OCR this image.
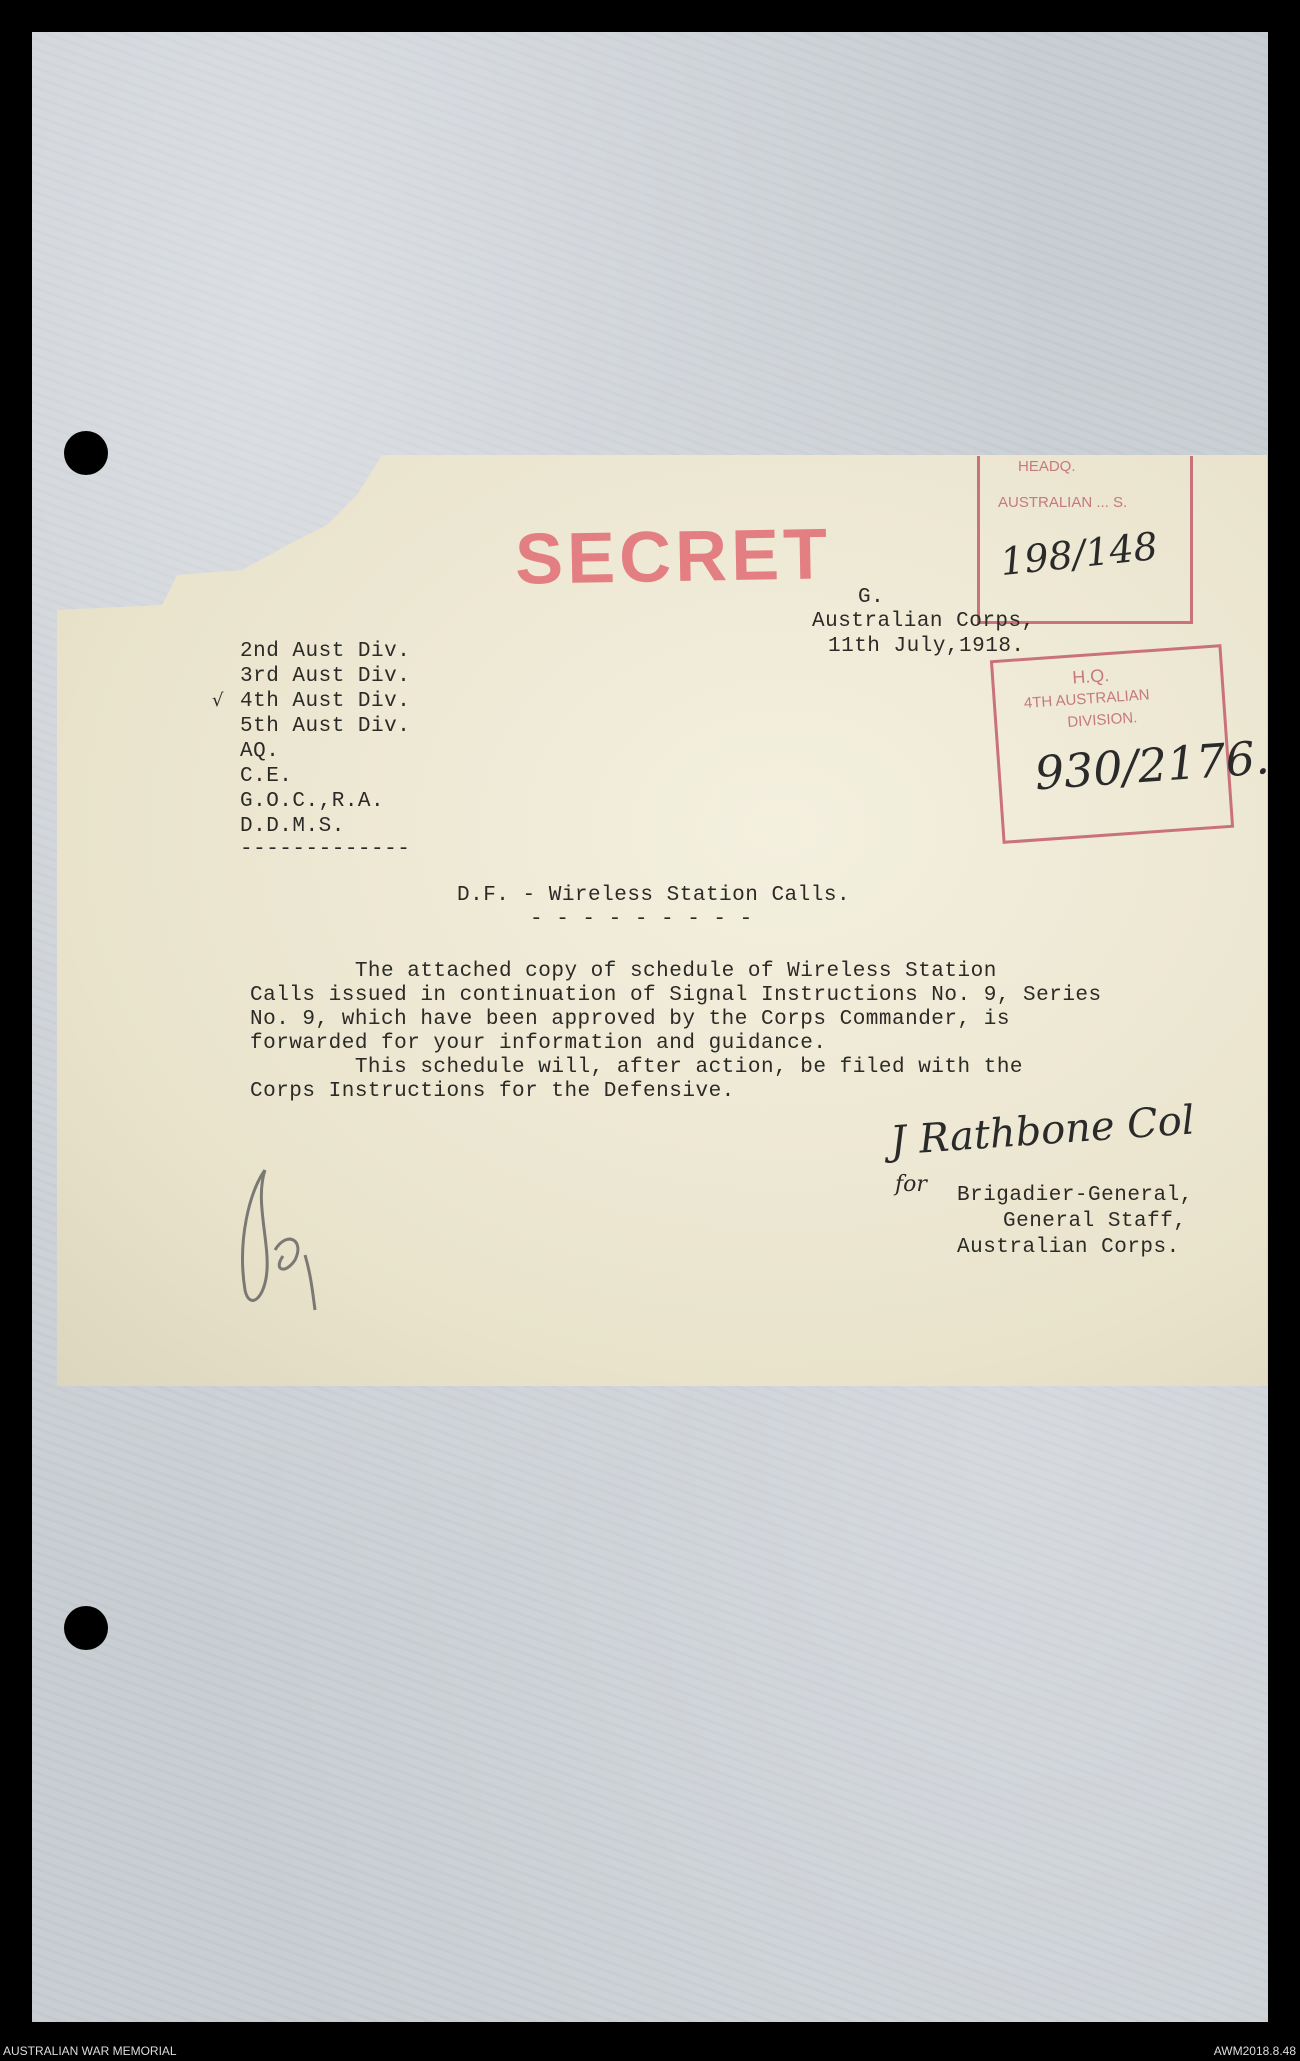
SECRET
HEADQ.
AUSTRALIAN ... S.
198/148
H.Q.
4TH AUSTRALIAN
DIVISION.
930/2176.
G.
Australian Corps,
11th July,1918.
2nd Aust Div.
3rd Aust Div.
√ 4th Aust Div.
5th Aust Div.
AQ.
C.E.
G.O.C.,R.A.
D.D.M.S.
-------------
D.F. - Wireless Station Calls.
- - - - - - - - -
The attached copy of schedule of Wireless Station
Calls issued in continuation of Signal Instructions No. 9, Series
No. 9, which have been approved by the Corps Commander, is
forwarded for your information and guidance.
This schedule will, after action, be filed with the
Corps Instructions for the Defensive.
J Rathbone Col
for Brigadier-General,
General Staff,
Australian Corps.
AUSTRALIAN WAR MEMORIAL	AWM2018.8.48
